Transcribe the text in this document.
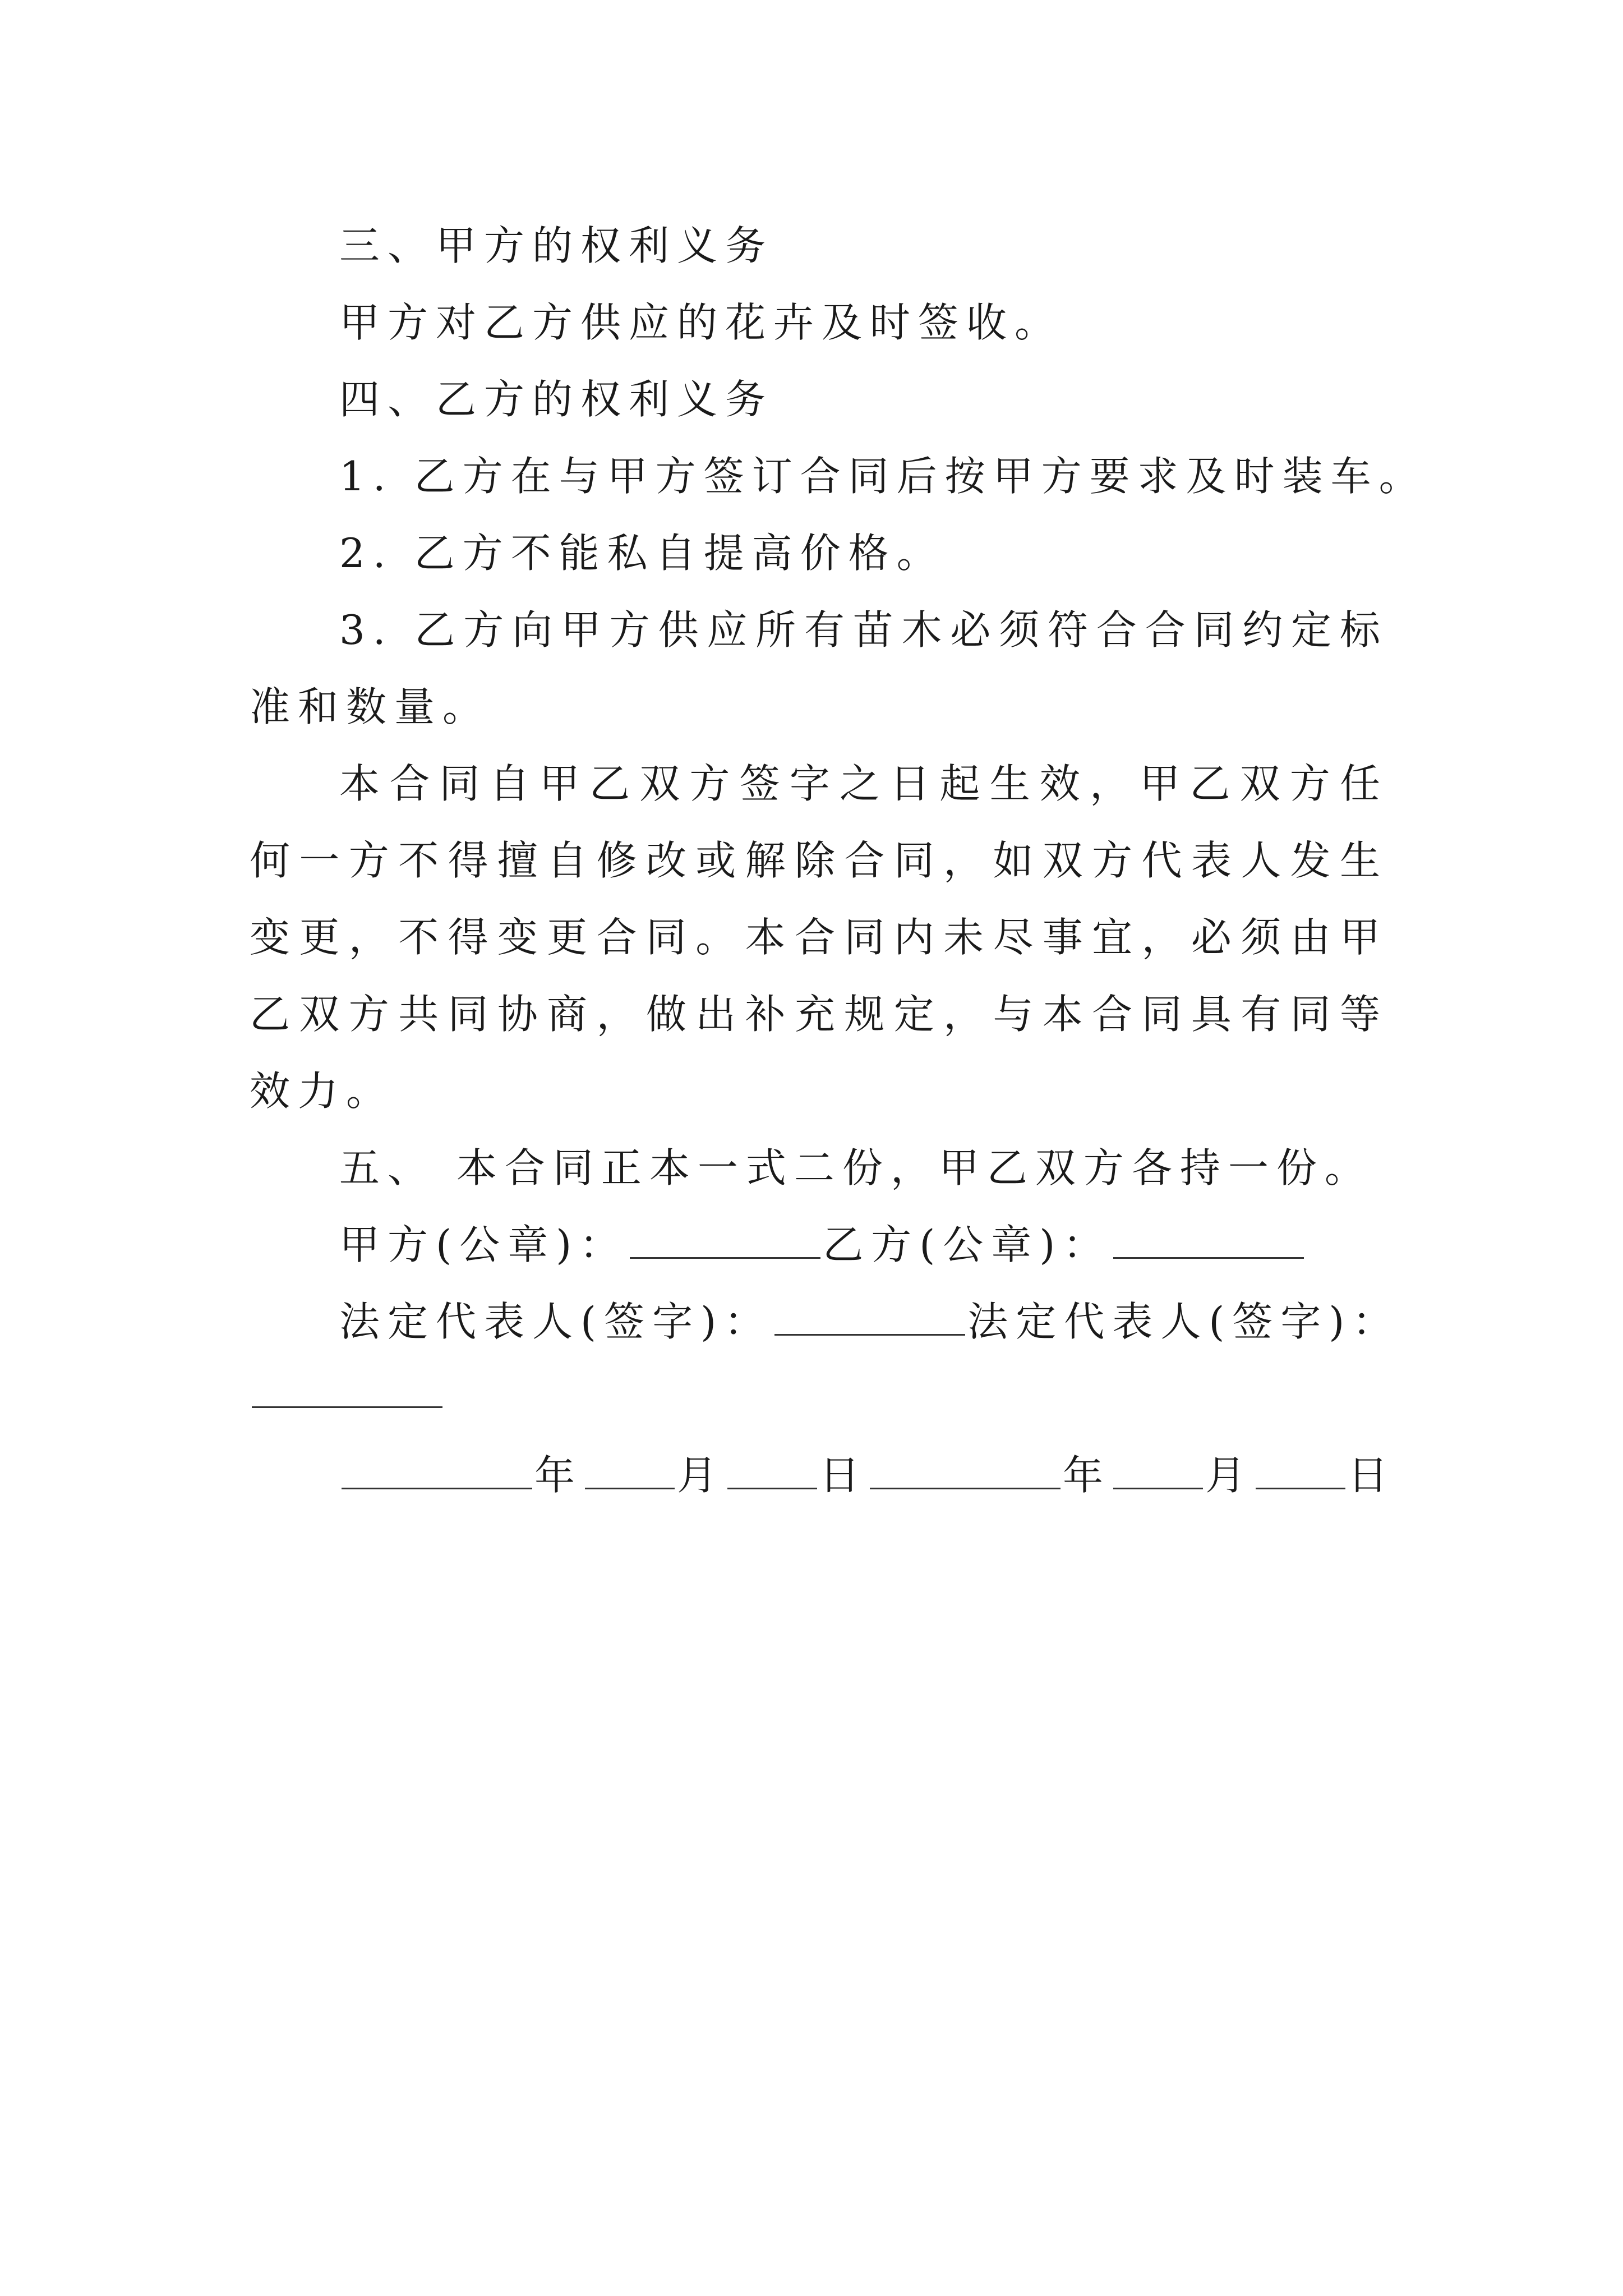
三、甲方的权利义务

甲方对乙方供应的花卉及时签收。

四、乙方的权利义务

1. 乙方在与甲方签订合同后按甲方要求及时装车。

2. 乙方不能私自提高价格。

3. 乙方向甲方供应所有苗木必须符合合同约定标准和数量。

本合同自甲乙双方签字之日起生效，甲乙双方任何一方不得擅自修改或解除合同，如双方代表人发生变更，不得变更合同。本合同内未尽事宜，必须由甲乙双方共同协商，做出补充规定，与本合同具有同等效力。

五、 本合同正本一式二份，甲乙双方各持一份。

甲方(公章)：	乙方(公章)：

法定代表人(签字)：	法定代表人(签字)：

年 月 日	年 月 日
